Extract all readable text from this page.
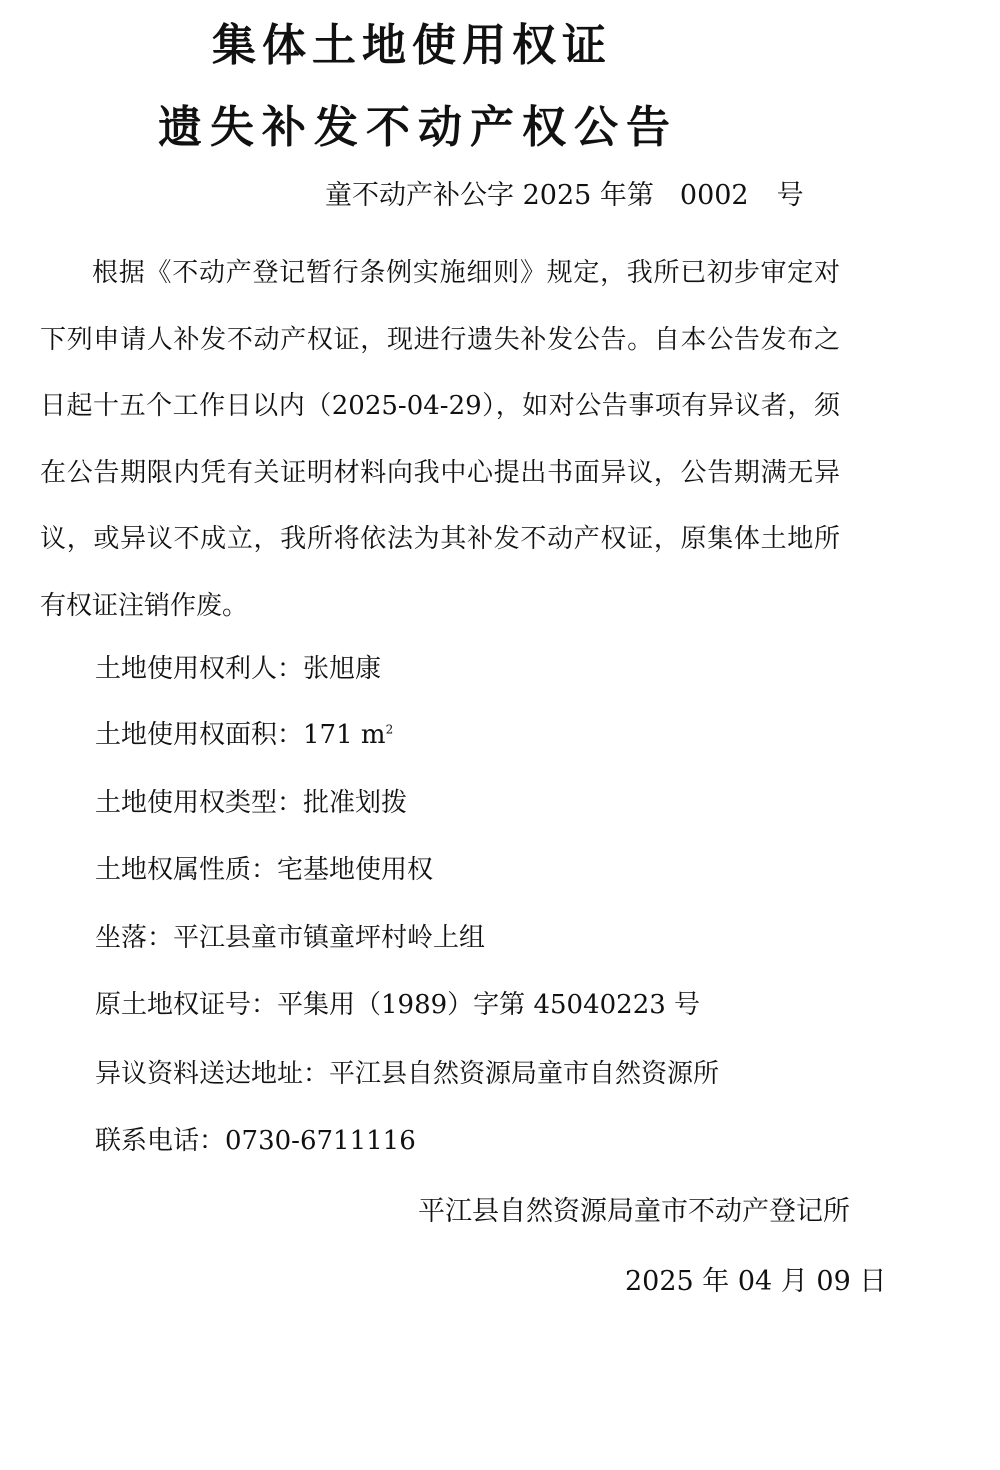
集体土地使用权证
遗失补发不动产权公告
童不动产补公字 2025 年第 0002 号
根据《不动产登记暂行条例实施细则》规定，我所已初步审定对下列申请人补发不动产权证，现进行遗失补发公告。自本公告发布之日起十五个工作日以内（2025-04-29），如对公告事项有异议者，须在公告期限内凭有关证明材料向我中心提出书面异议，公告期满无异议，或异议不成立，我所将依法为其补发不动产权证，原集体土地所有权证注销作废。
土地使用权利人：张旭康
土地使用权面积：171 $m^2$
土地使用权类型：批准划拨
土地权属性质：宅基地使用权
坐落：平江县童市镇童坪村岭上组
原土地权证号：平集用（1989）字第 45040223 号
异议资料送达地址：平江县自然资源局童市自然资源所
联系电话：0730-6711116
平江县自然资源局童市不动产登记所
2025 年 04 月 09 日
